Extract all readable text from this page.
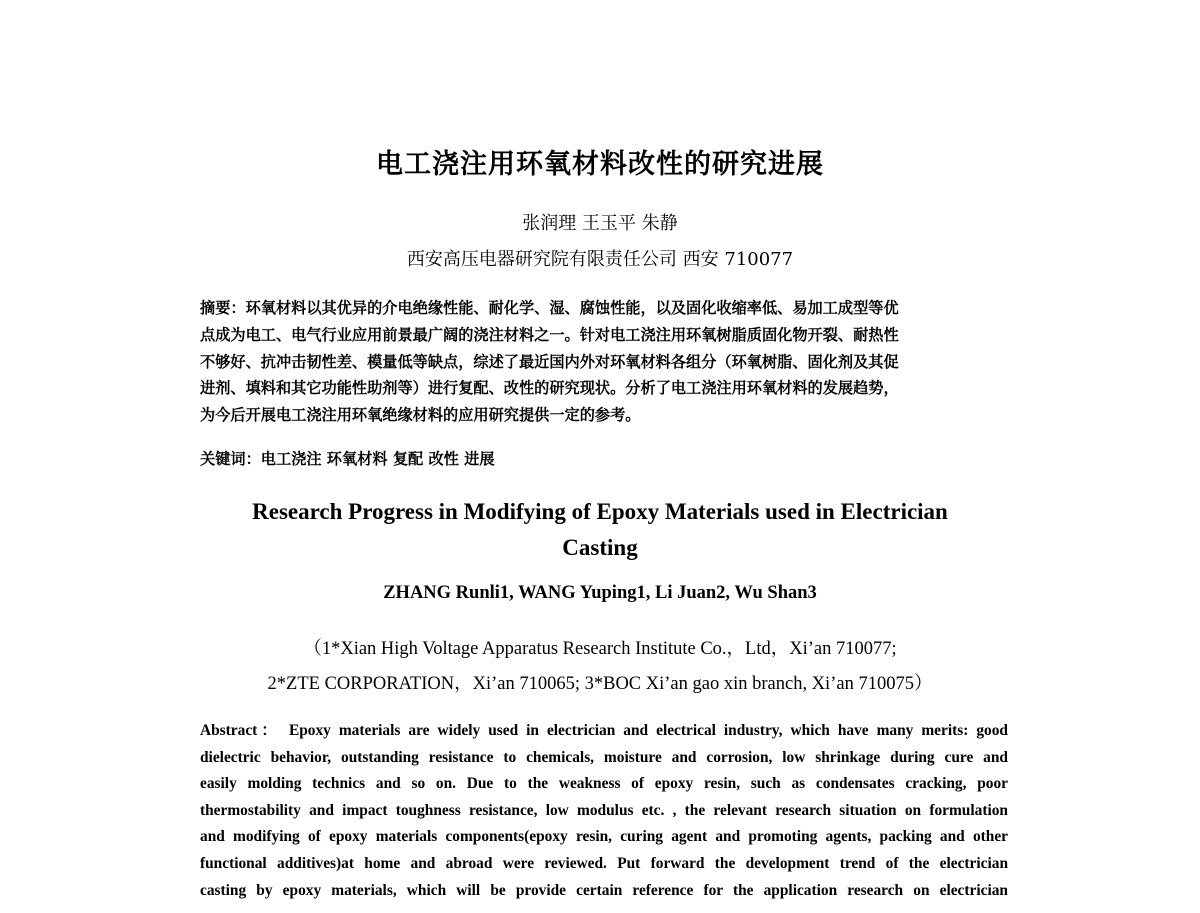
电工浇注用环氧材料改性的研究进展
张润理 王玉平 朱静
西安高压电器研究院有限责任公司 西安 710077
摘要：环氧材料以其优异的介电绝缘性能、耐化学、湿、腐蚀性能，以及固化收缩率低、易加工成型等优
点成为电工、电气行业应用前景最广阔的浇注材料之一。针对电工浇注用环氧树脂质固化物开裂、耐热性
不够好、抗冲击韧性差、模量低等缺点，综述了最近国内外对环氧材料各组分（环氧树脂、固化剂及其促
进剂、填料和其它功能性助剂等）进行复配、改性的研究现状。分析了电工浇注用环氧材料的发展趋势，
为今后开展电工浇注用环氧绝缘材料的应用研究提供一定的参考。
关键词：电工浇注 环氧材料 复配 改性 进展
Research Progress in Modifying of Epoxy Materials used in Electrician
Casting
ZHANG Runli1, WANG Yuping1, Li Juan2, Wu Shan3
（1*Xian High Voltage Apparatus Research Institute Co.，Ltd，Xi’an 710077;
2*ZTE CORPORATION，Xi’an 710065; 3*BOC Xi’an gao xin branch, Xi’an 710075）
Abstract： Epoxy materials are widely used in electrician and electrical industry, which have many merits: good
dielectric behavior, outstanding resistance to chemicals, moisture and corrosion, low shrinkage during cure and
easily molding technics and so on. Due to the weakness of epoxy resin, such as condensates cracking, poor
thermostability and impact toughness resistance, low modulus etc. , the relevant research situation on formulation
and modifying of epoxy materials components(epoxy resin, curing agent and promoting agents, packing and other
functional additives)at home and abroad were reviewed. Put forward the development trend of the electrician
casting by epoxy materials, which will be provide certain reference for the application research on electrician
